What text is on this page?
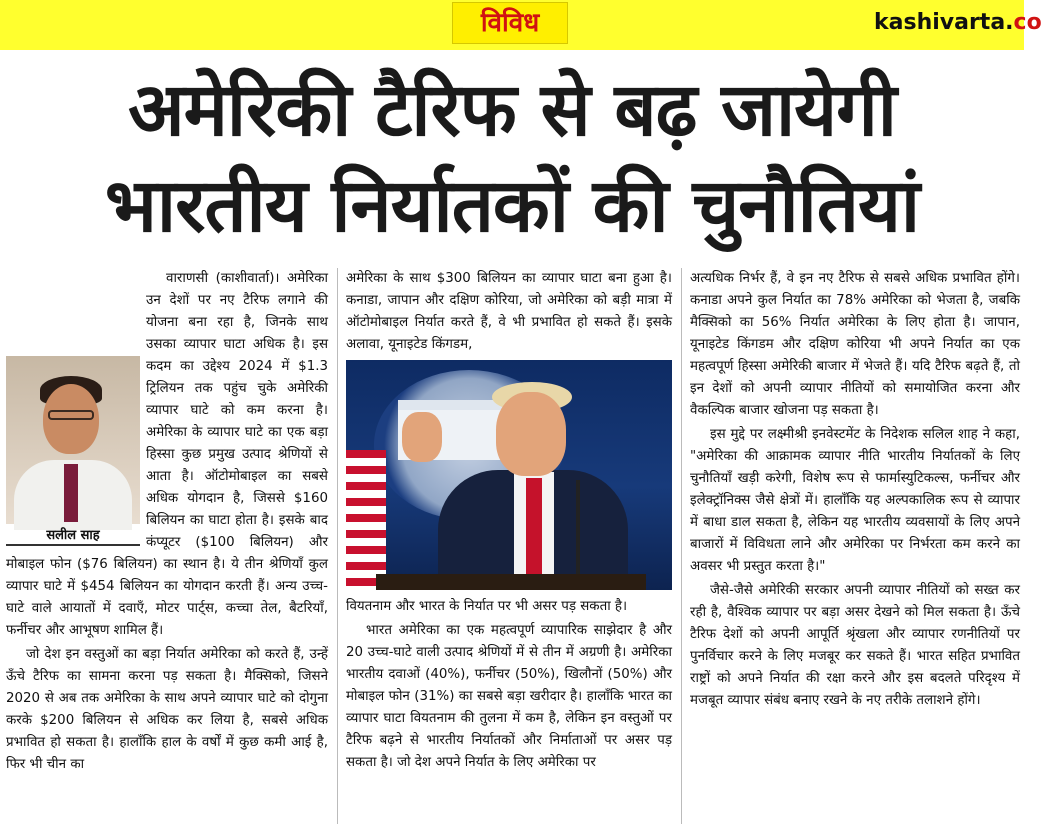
विविध	kashivarta.co
अमेरिकी टैरिफ से बढ़ जायेगी
भारतीय निर्यातकों की चुनौतियां
सलील साह

वाराणसी (काशीवार्ता)। अमेरिका उन देशों पर नए टैरिफ लगाने की योजना बना रहा है, जिनके साथ उसका व्यापार घाटा अधिक है। इस कदम का उद्देश्य 2024 में $1.3 ट्रिलियन तक पहुंच चुके अमेरिकी व्यापार घाटे को कम करना है। अमेरिका के व्यापार घाटे का एक बड़ा हिस्सा कुछ प्रमुख उत्पाद श्रेणियों से आता है। ऑटोमोबाइल का सबसे अधिक योगदान है, जिससे $160 बिलियन का घाटा होता है। इसके बाद कंप्यूटर ($100 बिलियन) और मोबाइल फोन ($76 बिलियन) का स्थान है। ये तीन श्रेणियाँ कुल व्यापार घाटे में $454 बिलियन का योगदान करती हैं। अन्य उच्च-घाटे वाले आयातों में दवाएँ, मोटर पार्ट्स, कच्चा तेल, बैटरियाँ, फर्नीचर और आभूषण शामिल हैं।

जो देश इन वस्तुओं का बड़ा निर्यात अमेरिका को करते हैं, उन्हें ऊँचे टैरिफ का सामना करना पड़ सकता है। मैक्सिको, जिसने 2020 से अब तक अमेरिका के साथ अपने व्यापार घाटे को दोगुना करके $200 बिलियन से अधिक कर लिया है, सबसे अधिक प्रभावित हो सकता है। हालाँकि हाल के वर्षों में कुछ कमी आई है, फिर भी चीन का

अमेरिका के साथ $300 बिलियन का व्यापार घाटा बना हुआ है। कनाडा, जापान और दक्षिण कोरिया, जो अमेरिका को बड़ी मात्रा में ऑटोमोबाइल निर्यात करते हैं, वे भी प्रभावित हो सकते हैं। इसके अलावा, यूनाइटेड किंगडम,

वियतनाम और भारत के निर्यात पर भी असर पड़ सकता है।

भारत अमेरिका का एक महत्वपूर्ण व्यापारिक साझेदार है और 20 उच्च-घाटे वाली उत्पाद श्रेणियों में से तीन में अग्रणी है। अमेरिका भारतीय दवाओं (40%), फर्नीचर (50%), खिलौनों (50%) और मोबाइल फोन (31%) का सबसे बड़ा खरीदार है। हालाँकि भारत का व्यापार घाटा वियतनाम की तुलना में कम है, लेकिन इन वस्तुओं पर टैरिफ बढ़ने से भारतीय निर्यातकों और निर्माताओं पर असर पड़ सकता है। जो देश अपने निर्यात के लिए अमेरिका पर

अत्यधिक निर्भर हैं, वे इन नए टैरिफ से सबसे अधिक प्रभावित होंगे। कनाडा अपने कुल निर्यात का 78% अमेरिका को भेजता है, जबकि मैक्सिको का 56% निर्यात अमेरिका के लिए होता है। जापान, यूनाइटेड किंगडम और दक्षिण कोरिया भी अपने निर्यात का एक महत्वपूर्ण हिस्सा अमेरिकी बाजार में भेजते हैं। यदि टैरिफ बढ़ते हैं, तो इन देशों को अपनी व्यापार नीतियों को समायोजित करना और वैकल्पिक बाजार खोजना पड़ सकता है।

इस मुद्दे पर लक्ष्मीश्री इनवेस्टमेंट के निदेशक सलिल शाह ने कहा, "अमेरिका की आक्रामक व्यापार नीति भारतीय निर्यातकों के लिए चुनौतियाँ खड़ी करेगी, विशेष रूप से फार्मास्युटिकल्स, फर्नीचर और इलेक्ट्रॉनिक्स जैसे क्षेत्रों में। हालाँकि यह अल्पकालिक रूप से व्यापार में बाधा डाल सकता है, लेकिन यह भारतीय व्यवसायों के लिए अपने बाजारों में विविधता लाने और अमेरिका पर निर्भरता कम करने का अवसर भी प्रस्तुत करता है।"

जैसे-जैसे अमेरिकी सरकार अपनी व्यापार नीतियों को सख्त कर रही है, वैश्विक व्यापार पर बड़ा असर देखने को मिल सकता है। ऊँचे टैरिफ देशों को अपनी आपूर्ति श्रृंखला और व्यापार रणनीतियों पर पुनर्विचार करने के लिए मजबूर कर सकते हैं। भारत सहित प्रभावित राष्ट्रों को अपने निर्यात की रक्षा करने और इस बदलते परिदृश्य में मजबूत व्यापार संबंध बनाए रखने के नए तरीके तलाशने होंगे।
